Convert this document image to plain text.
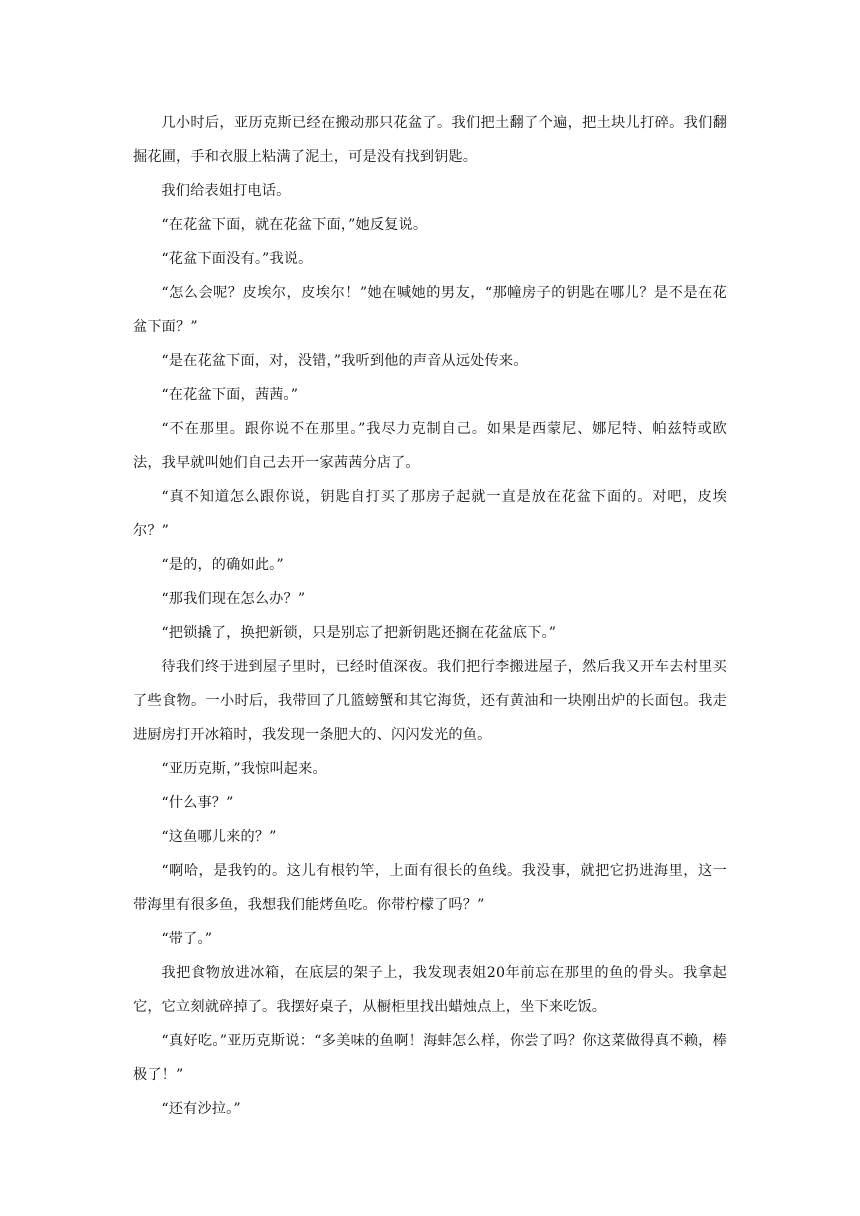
几小时后，亚历克斯已经在搬动那只花盆了。我们把土翻了个遍，把土块儿打碎。我们翻掘花圃，手和衣服上粘满了泥土，可是没有找到钥匙。

我们给表姐打电话。

“在花盆下面，就在花盆下面，”她反复说。

“花盆下面没有。”我说。

“怎么会呢？皮埃尔，皮埃尔！”她在喊她的男友，“那幢房子的钥匙在哪儿？是不是在花盆下面？”

“是在花盆下面，对，没错，”我听到他的声音从远处传来。

“在花盆下面，茜茜。”

“不在那里。跟你说不在那里。”我尽力克制自己。如果是西蒙尼、娜尼特、帕兹特或欧法，我早就叫她们自己去开一家茜茜分店了。

“真不知道怎么跟你说，钥匙自打买了那房子起就一直是放在花盆下面的。对吧，皮埃尔？”

“是的，的确如此。”

“那我们现在怎么办？”

“把锁撬了，换把新锁，只是别忘了把新钥匙还搁在花盆底下。”

待我们终于进到屋子里时，已经时值深夜。我们把行李搬进屋子，然后我又开车去村里买了些食物。一小时后，我带回了几篮螃蟹和其它海货，还有黄油和一块刚出炉的长面包。我走进厨房打开冰箱时，我发现一条肥大的、闪闪发光的鱼。

“亚历克斯，”我惊叫起来。

“什么事？”

“这鱼哪儿来的？”

“啊哈，是我钓的。这儿有根钓竿，上面有很长的鱼线。我没事，就把它扔进海里，这一带海里有很多鱼，我想我们能烤鱼吃。你带柠檬了吗？”

“带了。”

我把食物放进冰箱，在底层的架子上，我发现表姐20年前忘在那里的鱼的骨头。我拿起它，它立刻就碎掉了。我摆好桌子，从橱柜里找出蜡烛点上，坐下来吃饭。

“真好吃。”亚历克斯说：“多美味的鱼啊！海蚌怎么样，你尝了吗？你这菜做得真不赖，棒极了！”

“还有沙拉。”
